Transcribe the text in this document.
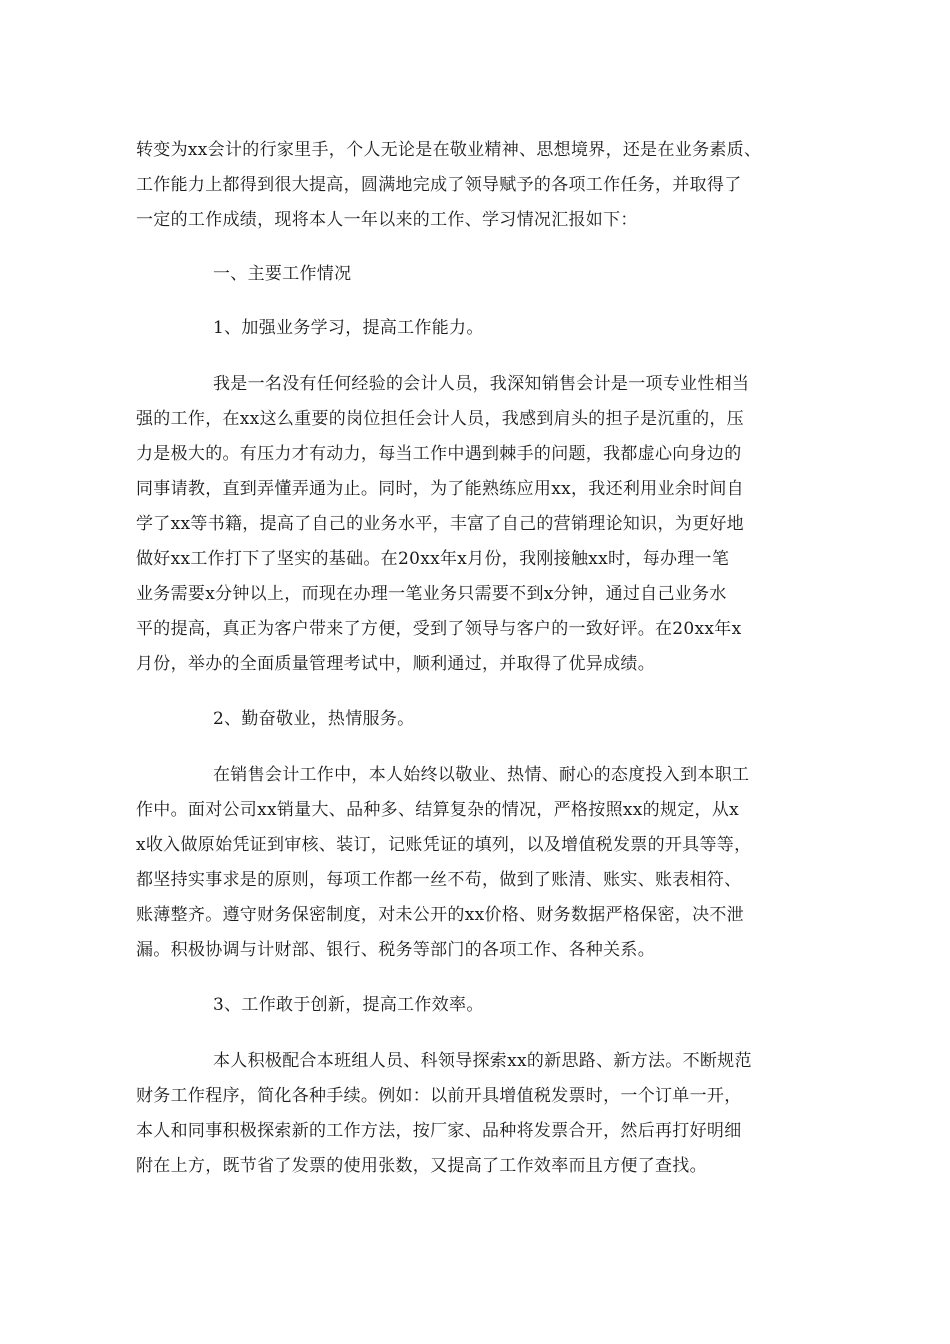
转变为xx会计的行家里手，个人无论是在敬业精神、思想境界，还是在业务素质、
工作能力上都得到很大提高，圆满地完成了领导赋予的各项工作任务，并取得了
一定的工作成绩，现将本人一年以来的工作、学习情况汇报如下：
一、主要工作情况
1、加强业务学习，提高工作能力。
我是一名没有任何经验的会计人员，我深知销售会计是一项专业性相当
强的工作，在xx这么重要的岗位担任会计人员，我感到肩头的担子是沉重的，压
力是极大的。有压力才有动力，每当工作中遇到棘手的问题，我都虚心向身边的
同事请教，直到弄懂弄通为止。同时，为了能熟练应用xx，我还利用业余时间自
学了xx等书籍，提高了自己的业务水平，丰富了自己的营销理论知识，为更好地
做好xx工作打下了坚实的基础。在20xx年x月份，我刚接触xx时，每办理一笔
业务需要x分钟以上，而现在办理一笔业务只需要不到x分钟，通过自己业务水
平的提高，真正为客户带来了方便，受到了领导与客户的一致好评。在20xx年x
月份，举办的全面质量管理考试中，顺利通过，并取得了优异成绩。
2、勤奋敬业，热情服务。
在销售会计工作中，本人始终以敬业、热情、耐心的态度投入到本职工
作中。面对公司xx销量大、品种多、结算复杂的情况，严格按照xx的规定，从x
x收入做原始凭证到审核、装订，记账凭证的填列，以及增值税发票的开具等等，
都坚持实事求是的原则，每项工作都一丝不苟，做到了账清、账实、账表相符、
账薄整齐。遵守财务保密制度，对未公开的xx价格、财务数据严格保密，决不泄
漏。积极协调与计财部、银行、税务等部门的各项工作、各种关系。
3、工作敢于创新，提高工作效率。
本人积极配合本班组人员、科领导探索xx的新思路、新方法。不断规范
财务工作程序，简化各种手续。例如：以前开具增值税发票时，一个订单一开，
本人和同事积极探索新的工作方法，按厂家、品种将发票合开，然后再打好明细
附在上方，既节省了发票的使用张数，又提高了工作效率而且方便了查找。
